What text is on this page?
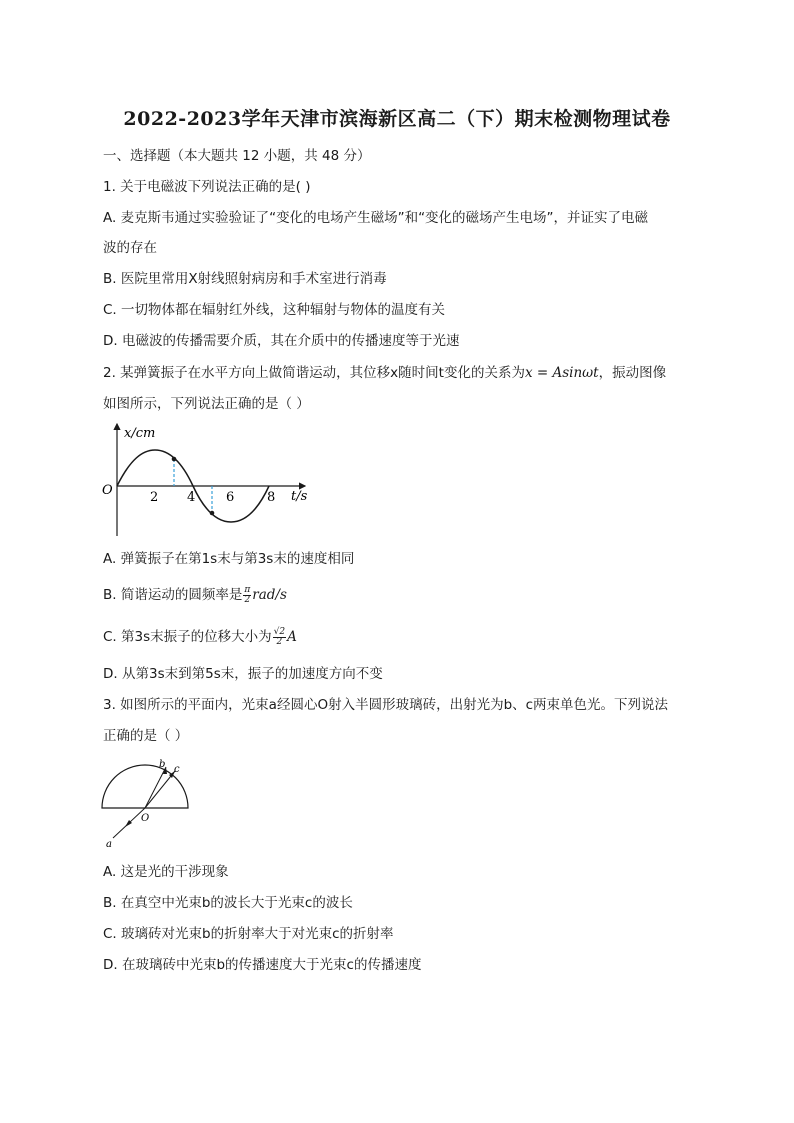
2022-2023学年天津市滨海新区高二（下）期末检测物理试卷
一、选择题（本大题共 12 小题，共 48 分）
1. 关于电磁波下列说法正确的是( )
A. 麦克斯韦通过实验验证了“变化的电场产生磁场”和“变化的磁场产生电场”，并证实了电磁
波的存在
B. 医院里常用X射线照射病房和手术室进行消毒
C. 一切物体都在辐射红外线，这种辐射与物体的温度有关
D. 电磁波的传播需要介质，其在介质中的传播速度等于光速
2. 某弹簧振子在水平方向上做简谐运动，其位移x随时间t变化的关系为x = Asinωt，振动图像
如图所示，下列说法正确的是（ ）
x/cm
t/s
O	2 4 6	8
A. 弹簧振子在第1s末与第3s末的速度相同
B. 简谐运动的圆频率是 $\frac{\pi}{2} rad/s$
C. 第3s末振子的位移大小为 $\frac{√2}{2}$ A
D. 从第3s末到第5s末，振子的加速度方向不变
3. 如图所示的平面内，光束a经圆心O射入半圆形玻璃砖，出射光为b、c两束单色光。下列说法
正确的是（ ）
a
b c
O
A. 这是光的干涉现象
B. 在真空中光束b的波长大于光束c的波长
C. 玻璃砖对光束b的折射率大于对光束c的折射率
D. 在玻璃砖中光束b的传播速度大于光束c的传播速度
